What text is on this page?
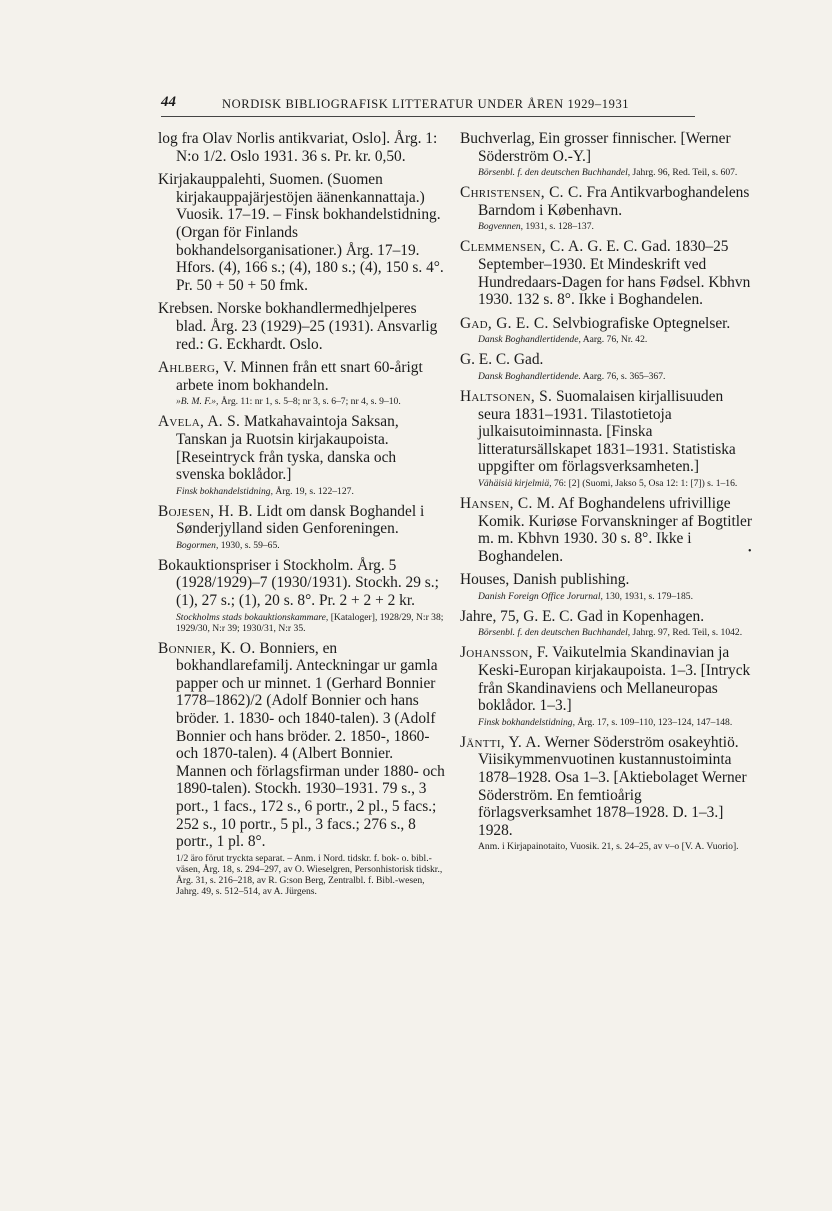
44	NORDISK BIBLIOGRAFISK LITTERATUR UNDER ÅREN 1929–1931
log fra Olav Norlis antikvariat, Oslo]. Årg. 1: N:o 1/2. Oslo 1931. 36 s. Pr. kr. 0,50.
Kirjakauppalehti, Suomen. (Suomen kirjakauppajärjestöjen äänenkannattaja.) Vuosik. 17–19. – Finsk bokhandelstidning. (Organ för Finlands bokhandelsorganisationer.) Årg. 17–19. Hfors. (4), 166 s.; (4), 180 s.; (4), 150 s. 4°. Pr. 50 + 50 + 50 fmk.
Krebsen. Norske bokhandlermedhjelperes blad. Årg. 23 (1929)–25 (1931). Ansvarlig red.: G. Eckhardt. Oslo.
Ahlberg, V. Minnen från ett snart 60-årigt arbete inom bokhandeln.
»B. M. F.», Årg. 11: nr 1, s. 5–8; nr 3, s. 6–7; nr 4, s. 9–10.
Avela, A. S. Matkahavaintoja Saksan, Tanskan ja Ruotsin kirjakaupoista. [Reseintryck från tyska, danska och svenska boklådor.]
Finsk bokhandelstidning, Årg. 19, s. 122–127.
Bojesen, H. B. Lidt om dansk Boghandel i Sønderjylland siden Genforeningen.
Bogormen, 1930, s. 59–65.
Bokauktionspriser i Stockholm. Årg. 5 (1928/1929)–7 (1930/1931). Stockh. 29 s.; (1), 27 s.; (1), 20 s. 8°. Pr. 2 + 2 + 2 kr.
Stockholms stads bokauktionskammare, [Kataloger], 1928/29, N:r 38; 1929/30, N:r 39; 1930/31, N:r 35.
Bonnier, K. O. Bonniers, en bokhandlarefamilj. Anteckningar ur gamla papper och ur minnet. 1 (Gerhard Bonnier 1778–1862)/2 (Adolf Bonnier och hans bröder. 1. 1830- och 1840-talen). 3 (Adolf Bonnier och hans bröder. 2. 1850-, 1860- och 1870-talen). 4 (Albert Bonnier. Mannen och förlagsfirman under 1880- och 1890-talen). Stockh. 1930–1931. 79 s., 3 port., 1 facs., 172 s., 6 portr., 2 pl., 5 facs.; 252 s., 10 portr., 5 pl., 3 facs.; 276 s., 8 portr., 1 pl. 8°.
1/2 äro förut tryckta separat. – Anm. i Nord. tidskr. f. bok- o. bibl.-väsen, Årg. 18, s. 294–297, av O. Wieselgren, Personhistorisk tidskr., Årg. 31, s. 216–218, av R. G:son Berg, Zentralbl. f. Bibl.-wesen, Jahrg. 49, s. 512–514, av A. Jürgens.
Buchverlag, Ein grosser finnischer. [Werner Söderström O.-Y.]
Börsenbl. f. den deutschen Buchhandel, Jahrg. 96, Red. Teil, s. 607.
Christensen, C. C. Fra Antikvarboghandelens Barndom i København.
Bogvennen, 1931, s. 128–137.
Clemmensen, C. A. G. E. C. Gad. 1830–25 September–1930. Et Mindeskrift ved Hundredaars-Dagen for hans Fødsel. Kbhvn 1930. 132 s. 8°. Ikke i Boghandelen.
Gad, G. E. C. Selvbiografiske Optegnelser.
Dansk Boghandlertidende, Aarg. 76, Nr. 42.
G. E. C. Gad.
Dansk Boghandlertidende. Aarg. 76, s. 365–367.
Haltsonen, S. Suomalaisen kirjallisuuden seura 1831–1931. Tilastotietoja julkaisutoiminnasta. [Finska litteratursällskapet 1831–1931. Statistiska uppgifter om förlagsverksamheten.]
Vähäisiä kirjelmiä, 76: [2] (Suomi, Jakso 5, Osa 12: 1: [7]) s. 1–16.
Hansen, C. M. Af Boghandelens ufrivillige Komik. Kuriøse Forvanskninger af Bogtitler m. m. Kbhvn 1930. 30 s. 8°. Ikke i Boghandelen.
Houses, Danish publishing.
Danish Foreign Office Jorurnal, 130, 1931, s. 179–185.
Jahre, 75, G. E. C. Gad in Kopenhagen.
Börsenbl. f. den deutschen Buchhandel, Jahrg. 97, Red. Teil, s. 1042.
Johansson, F. Vaikutelmia Skandinavian ja Keski-Europan kirjakaupoista. 1–3. [Intryck från Skandinaviens och Mellaneuropas boklådor. 1–3.]
Finsk bokhandelstidning, Årg. 17, s. 109–110, 123–124, 147–148.
Jäntti, Y. A. Werner Söderström osakeyhtiö. Viisikymmenvuotinen kustannustoiminta 1878–1928. Osa 1–3. [Aktiebolaget Werner Söderström. En femtioårig förlagsverksamhet 1878–1928. D. 1–3.] 1928.
Anm. i Kirjapainotaito, Vuosik. 21, s. 24–25, av v–o [V. A. Vuorio].
•
